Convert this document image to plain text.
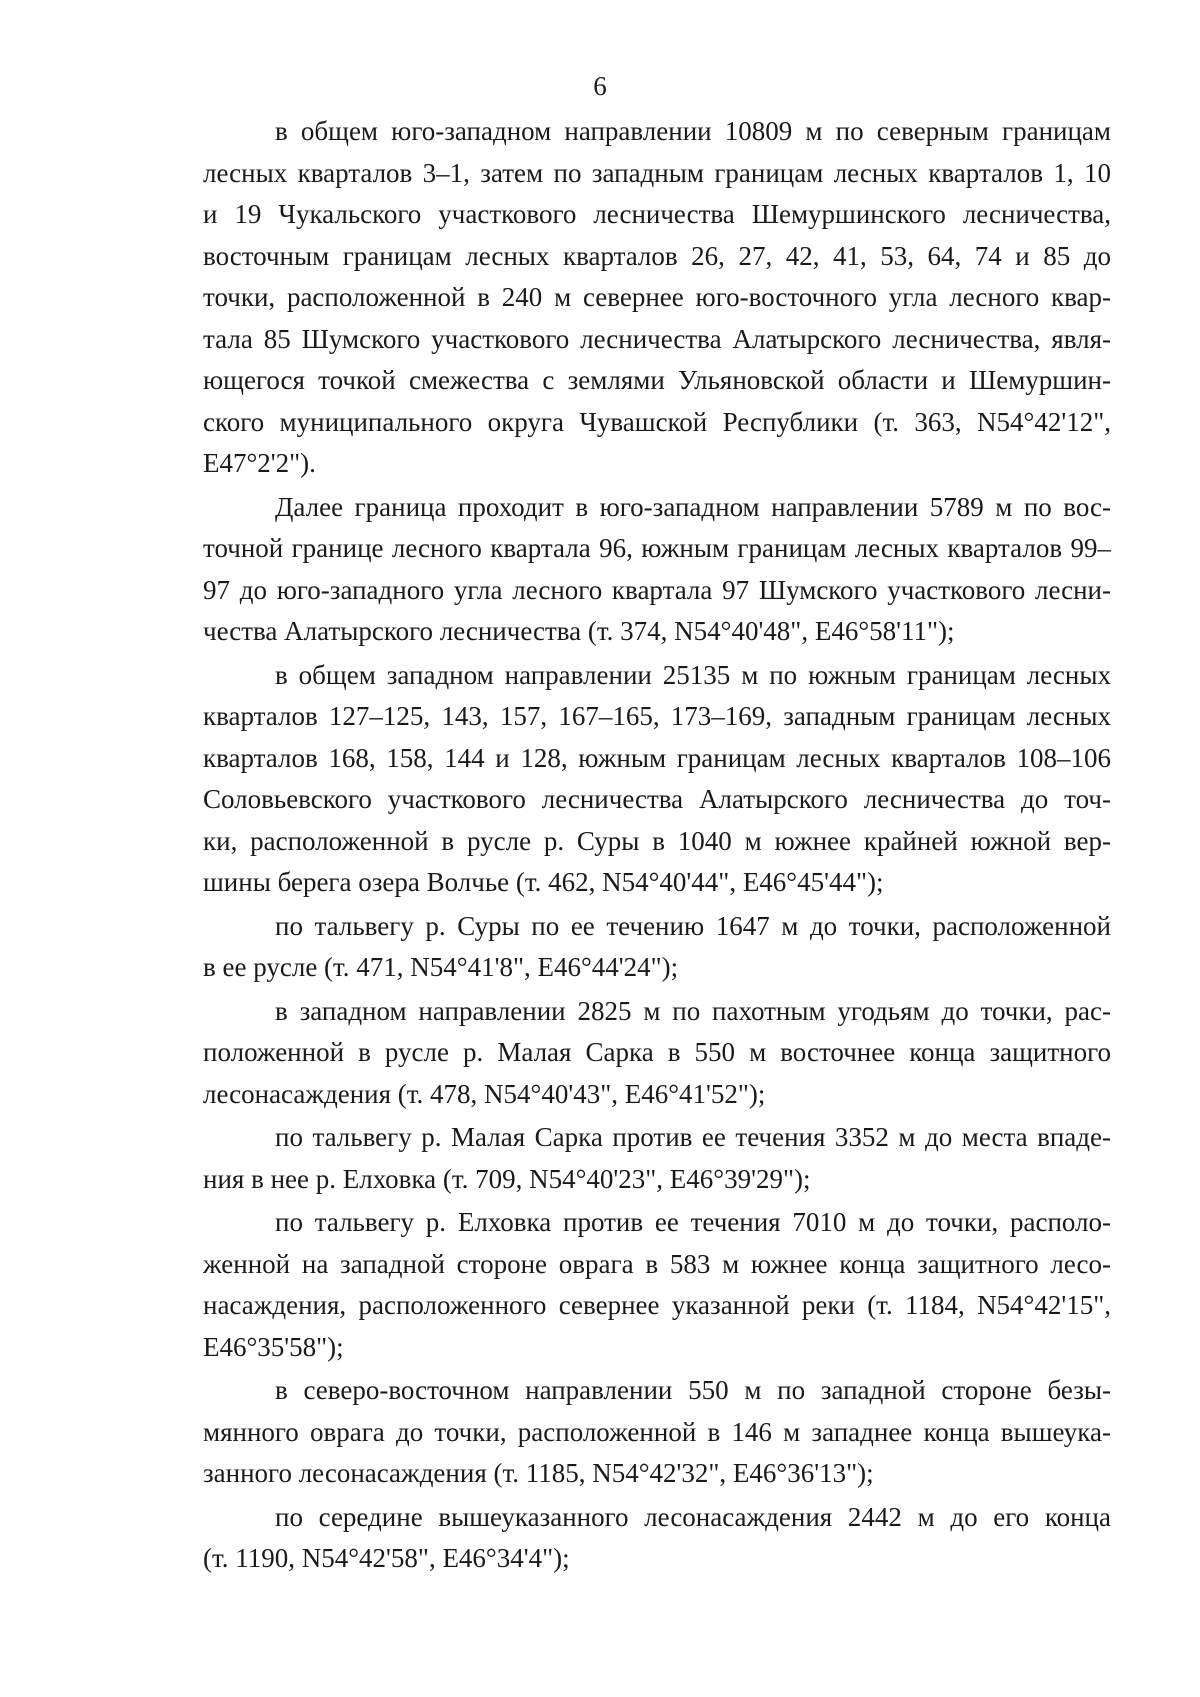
6
в общем юго-западном направлении 10809 м по северным границам
лесных кварталов 3–1, затем по западным границам лесных кварталов 1, 10
и 19 Чукальского участкового лесничества Шемуршинского лесничества,
восточным границам лесных кварталов 26, 27, 42, 41, 53, 64, 74 и 85 до
точки, расположенной в 240 м севернее юго-восточного угла лесного квар-
тала 85 Шумского участкового лесничества Алатырского лесничества, явля-
ющегося точкой смежества с землями Ульяновской области и Шемуршин-
ского муниципального округа Чувашской Республики (т. 363, N54°42'12",
E47°2'2").
Далее граница проходит в юго-западном направлении 5789 м по вос-
точной границе лесного квартала 96, южным границам лесных кварталов 99–
97 до юго-западного угла лесного квартала 97 Шумского участкового лесни-
чества Алатырского лесничества (т. 374, N54°40'48", E46°58'11");
в общем западном направлении 25135 м по южным границам лесных
кварталов 127–125, 143, 157, 167–165, 173–169, западным границам лесных
кварталов 168, 158, 144 и 128, южным границам лесных кварталов 108–106
Соловьевского участкового лесничества Алатырского лесничества до точ-
ки, расположенной в русле р. Суры в 1040 м южнее крайней южной вер-
шины берега озера Волчье (т. 462, N54°40'44", E46°45'44");
по тальвегу р. Суры по ее течению 1647 м до точки, расположенной
в ее русле (т. 471, N54°41'8", E46°44'24");
в западном направлении 2825 м по пахотным угодьям до точки, рас-
положенной в русле р. Малая Сарка в 550 м восточнее конца защитного
лесонасаждения (т. 478, N54°40'43", E46°41'52");
по тальвегу р. Малая Сарка против ее течения 3352 м до места впаде-
ния в нее р. Елховка (т. 709, N54°40'23", E46°39'29");
по тальвегу р. Елховка против ее течения 7010 м до точки, располо-
женной на западной стороне оврага в 583 м южнее конца защитного лесо-
насаждения, расположенного севернее указанной реки (т. 1184, N54°42'15",
E46°35'58");
в северо-восточном направлении 550 м по западной стороне безы-
мянного оврага до точки, расположенной в 146 м западнее конца вышеука-
занного лесонасаждения (т. 1185, N54°42'32", E46°36'13");
по середине вышеуказанного лесонасаждения 2442 м до его конца
(т. 1190, N54°42'58", E46°34'4");
